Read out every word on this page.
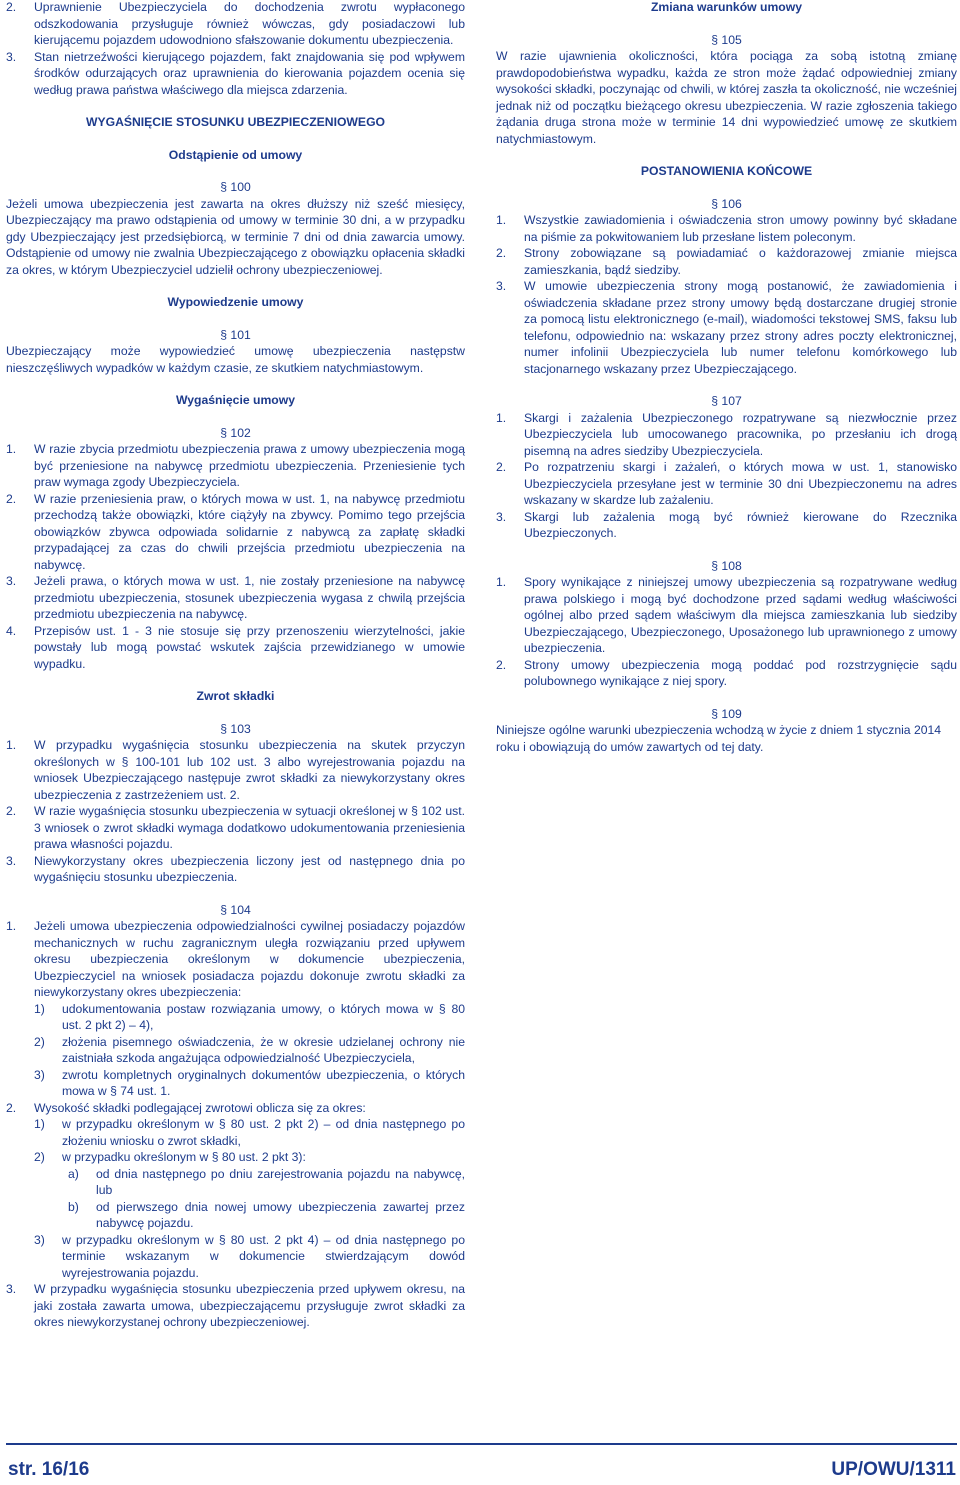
2. Uprawnienie Ubezpieczyciela do dochodzenia zwrotu wypłaconego odszkodowania przysługuje również wówczas, gdy posiadaczowi lub kierującemu pojazdem udowodniono sfałszowanie dokumentu ubezpieczenia.

3. Stan nietrzeźwości kierującego pojazdem, fakt znajdowania się pod wpływem środków odurzających oraz uprawnienia do kierowania pojazdem ocenia się według prawa państwa właściwego dla miejsca zdarzenia.

WYGAŚNIĘCIE STOSUNKU UBEZPIECZENIOWEGO

Odstąpienie od umowy

§ 100

Jeżeli umowa ubezpieczenia jest zawarta na okres dłuższy niż sześć miesięcy, Ubezpieczający ma prawo odstąpienia od umowy w terminie 30 dni, a w przypadku gdy Ubezpieczający jest przedsiębiorcą, w terminie 7 dni od dnia zawarcia umowy. Odstąpienie od umowy nie zwalnia Ubezpieczającego z obowiązku opłacenia składki za okres, w którym Ubezpieczyciel udzielił ochrony ubezpieczeniowej.

Wypowiedzenie umowy

§ 101

Ubezpieczający może wypowiedzieć umowę ubezpieczenia następstw nieszczęśliwych wypadków w każdym czasie, ze skutkiem natychmiastowym.

Wygaśnięcie umowy

§ 102

1. W razie zbycia przedmiotu ubezpieczenia prawa z umowy ubezpieczenia mogą być przeniesione na nabywcę przedmiotu ubezpieczenia. Przeniesienie tych praw wymaga zgody Ubezpieczyciela.

2. W razie przeniesienia praw, o których mowa w ust. 1, na nabywcę przedmiotu przechodzą także obowiązki, które ciążyły na zbywcy. Pomimo tego przejścia obowiązków zbywca odpowiada solidarnie z nabywcą za zapłatę składki przypadającej za czas do chwili przejścia przedmiotu ubezpieczenia na nabywcę.

3. Jeżeli prawa, o których mowa w ust. 1, nie zostały przeniesione na nabywcę przedmiotu ubezpieczenia, stosunek ubezpieczenia wygasa z chwilą przejścia przedmiotu ubezpieczenia na nabywcę.

4. Przepisów ust. 1 - 3 nie stosuje się przy przenoszeniu wierzytelności, jakie powstały lub mogą powstać wskutek zajścia przewidzianego w umowie wypadku.

Zwrot składki

§ 103

1. W przypadku wygaśnięcia stosunku ubezpieczenia na skutek przyczyn określonych w § 100-101 lub 102 ust. 3 albo wyrejestrowania pojazdu na wniosek Ubezpieczającego następuje zwrot składki za niewykorzystany okres ubezpieczenia z zastrzeżeniem ust. 2.

2. W razie wygaśnięcia stosunku ubezpieczenia w sytuacji określonej w § 102 ust. 3 wniosek o zwrot składki wymaga dodatkowo udokumentowania przeniesienia prawa własności pojazdu.

3. Niewykorzystany okres ubezpieczenia liczony jest od następnego dnia po wygaśnięciu stosunku ubezpieczenia.

§ 104

1. Jeżeli umowa ubezpieczenia odpowiedzialności cywilnej posiadaczy pojazdów mechanicznych w ruchu zagranicznym uległa rozwiązaniu przed upływem okresu ubezpieczenia określonym w dokumencie ubezpieczenia, Ubezpieczyciel na wniosek posiadacza pojazdu dokonuje zwrotu składki za niewykorzystany okres ubezpieczenia:

1) udokumentowania postaw rozwiązania umowy, o których mowa w § 80 ust. 2 pkt 2) – 4),

2) złożenia pisemnego oświadczenia, że w okresie udzielanej ochrony nie zaistniała szkoda angażująca odpowiedzialność Ubezpieczyciela,

3) zwrotu kompletnych oryginalnych dokumentów ubezpieczenia, o których mowa w § 74 ust. 1.

2. Wysokość składki podlegającej zwrotowi oblicza się za okres:

1) w przypadku określonym w § 80 ust. 2 pkt 2) – od dnia następnego po złożeniu wniosku o zwrot składki,

2) w przypadku określonym w § 80 ust. 2 pkt 3):

a) od dnia następnego po dniu zarejestrowania pojazdu na nabywcę, lub

b) od pierwszego dnia nowej umowy ubezpieczenia zawartej przez nabywcę pojazdu.

3) w przypadku określonym w § 80 ust. 2 pkt 4) – od dnia następnego po terminie wskazanym w dokumencie stwierdzającym dowód wyrejestrowania pojazdu.

3. W przypadku wygaśnięcia stosunku ubezpieczenia przed upływem okresu, na jaki została zawarta umowa, ubezpieczającemu przysługuje zwrot składki za okres niewykorzystanej ochrony ubezpieczeniowej.

Zmiana warunków umowy

§ 105

W razie ujawnienia okoliczności, która pociąga za sobą istotną zmianę prawdopodobieństwa wypadku, każda ze stron może żądać odpowiedniej zmiany wysokości składki, poczynając od chwili, w której zaszła ta okoliczność, nie wcześniej jednak niż od początku bieżącego okresu ubezpieczenia. W razie zgłoszenia takiego żądania druga strona może w terminie 14 dni wypowiedzieć umowę ze skutkiem natychmiastowym.

POSTANOWIENIA KOŃCOWE

§ 106

1. Wszystkie zawiadomienia i oświadczenia stron umowy powinny być składane na piśmie za pokwitowaniem lub przesłane listem poleconym.

2. Strony zobowiązane są powiadamiać o każdorazowej zmianie miejsca zamieszkania, bądź siedziby.

3. W umowie ubezpieczenia strony mogą postanowić, że zawiadomienia i oświadczenia składane przez strony umowy będą dostarczane drugiej stronie za pomocą listu elektronicznego (e-mail), wiadomości tekstowej SMS, faksu lub telefonu, odpowiednio na: wskazany przez strony adres poczty elektronicznej, numer infolinii Ubezpieczyciela lub numer telefonu komórkowego lub stacjonarnego wskazany przez Ubezpieczającego.

§ 107

1. Skargi i zażalenia Ubezpieczonego rozpatrywane są niezwłocznie przez Ubezpieczyciela lub umocowanego pracownika, po przesłaniu ich drogą pisemną na adres siedziby Ubezpieczyciela.

2. Po rozpatrzeniu skargi i zażaleń, o których mowa w ust. 1, stanowisko Ubezpieczyciela przesyłane jest w terminie 30 dni Ubezpieczonemu na adres wskazany w skardze lub zażaleniu.

3. Skargi lub zażalenia mogą być również kierowane do Rzecznika Ubezpieczonych.

§ 108

1. Spory wynikające z niniejszej umowy ubezpieczenia są rozpatrywane według prawa polskiego i mogą być dochodzone przed sądami według właściwości ogólnej albo przed sądem właściwym dla miejsca zamieszkania lub siedziby Ubezpieczającego, Ubezpieczonego, Uposażonego lub uprawnionego z umowy ubezpieczenia.

2. Strony umowy ubezpieczenia mogą poddać pod rozstrzygnięcie sądu polubownego wynikające z niej spory.

§ 109

Niniejsze ogólne warunki ubezpieczenia wchodzą w życie z dniem 1 stycznia 2014 roku i obowiązują do umów zawartych od tej daty.

str. 16/16	UP/OWU/1311
